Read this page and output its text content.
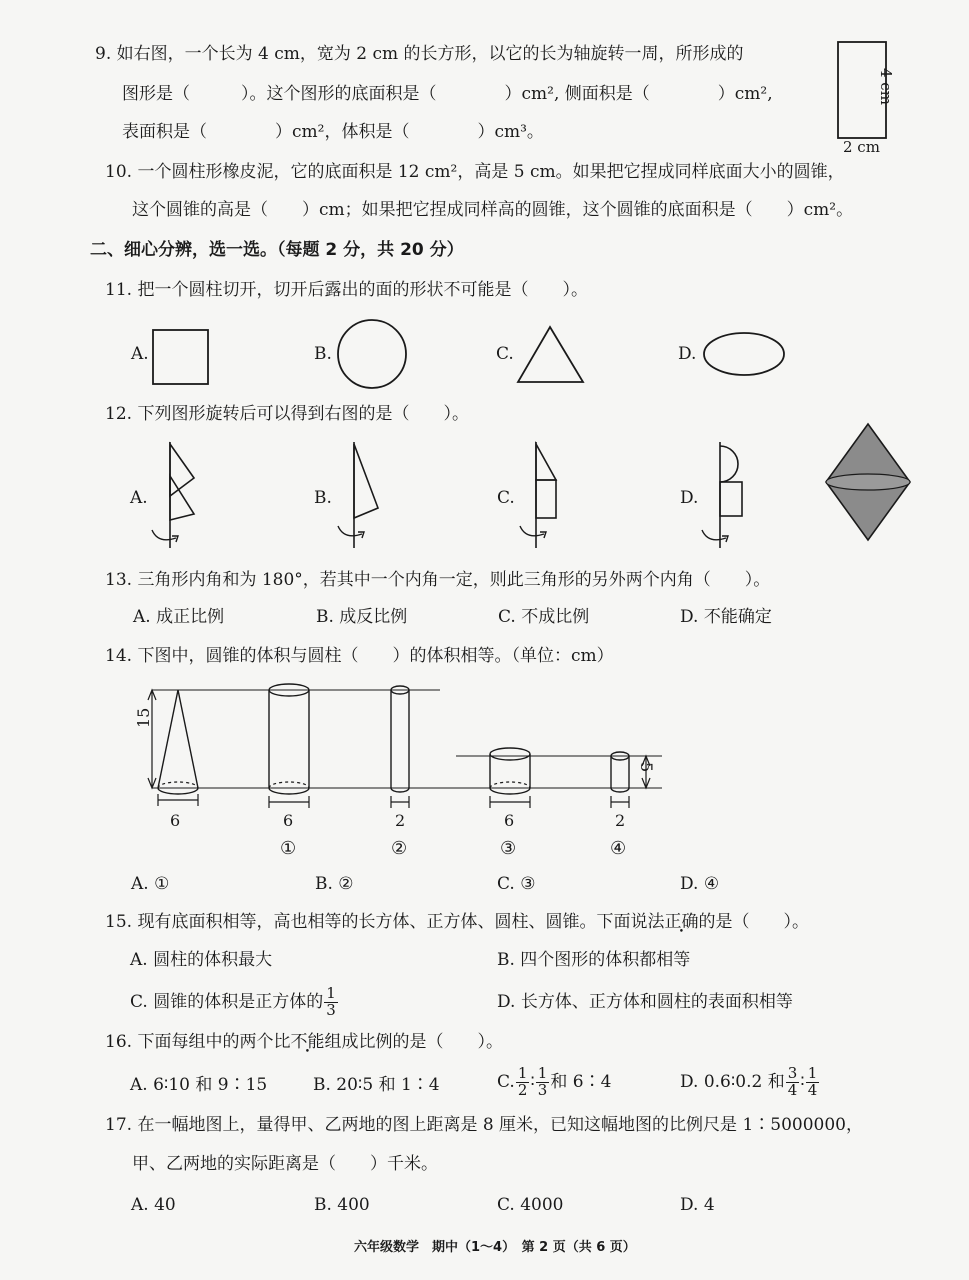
9. 如右图，一个长为 4 cm，宽为 2 cm 的长方形，以它的长为轴旋转一周，所形成的
图形是（　　　）。这个图形的底面积是（　　　　）cm², 侧面积是（　　　　）cm²,
表面积是（　　　　）cm²，体积是（　　　　）cm³。
4 cm
2 cm
10. 一个圆柱形橡皮泥，它的底面积是 12 cm²，高是 5 cm。如果把它捏成同样底面大小的圆锥，
这个圆锥的高是（　　）cm；如果把它捏成同样高的圆锥，这个圆锥的底面积是（　　）cm²。
二、细心分辨，选一选。（每题 2 分，共 20 分）
11. 把一个圆柱切开，切开后露出的面的形状不可能是（　　）。
A.	B.	C.	D.
12. 下列图形旋转后可以得到右图的是（　　）。
A.	B.	C.	D.
13. 三角形内角和为 180°，若其中一个内角一定，则此三角形的另外两个内角（　　）。
A. 成正比例	B. 成反比例	C. 不成比例	D. 不能确定
14. 下图中，圆锥的体积与圆柱（　　）的体积相等。（单位：cm）
15
5
6	6	2	6	2
①	②	③	④
A. ①	B. ②	C. ③	D. ④
15. 现有底面积相等，高也相等的长方体、正方体、圆柱、圆锥。下面说法正确的是（　　）。
A. 圆柱的体积最大	B. 四个图形的体积都相等
C. 圆锥的体积是正方体的 $\frac{1}{3}$	D. 长方体、正方体和圆柱的表面积相等
16. 下面每组中的两个比不能组成比例的是（　　）。
A. 6∶10 和 9∶15	B. 20∶5 和 1∶4	C. $\frac{1}{2}$ ∶ $\frac{1}{3}$ 和 6∶4	D. 0.6∶0.2 和 $\frac{3}{4}$ ∶ $\frac{1}{4}$
17. 在一幅地图上，量得甲、乙两地的图上距离是 8 厘米，已知这幅地图的比例尺是 1∶5000000，
甲、乙两地的实际距离是（　　）千米。
A. 40	B. 400	C. 4000	D. 4
六年级数学　期中（1～4）　第 2 页（共 6 页）
